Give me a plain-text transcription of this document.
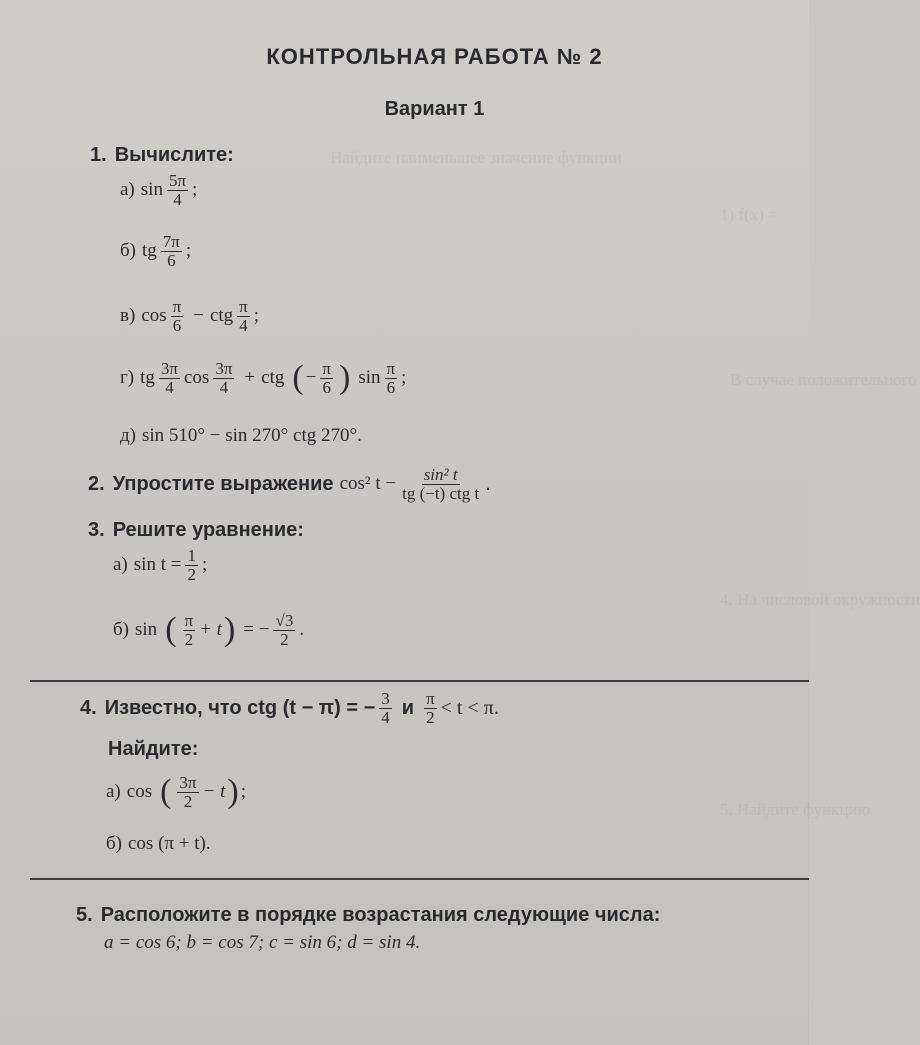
Найдите наименьшее значение функции
1) f(x) =
В случае положительного
4. На числовой окружности
5. Найдите функцию
КОНТРОЛЬНАЯ РАБОТА № 2
Вариант 1
1. Вычислите:
а) $\sin \frac{5\pi}{4}$ ;
б) tg $\frac{7\pi}{6}$ ;
в) $\cos \frac{\pi}{6}$ − ctg $\frac{\pi}{4}$ ;
г) tg $\frac{3\pi}{4}$ $\cos \frac{3\pi}{4}$ + ctg ( − $\frac{\pi}{6}$ ) $\sin \frac{\pi}{6}$ ;
д) sin 510° − sin 270° ctg 270°.
2. Упростите выражение cos² $t - \frac{\text{sin² t}}{\text{tg (−t) ctg t}}$ .
3. Решите уравнение:
а) $\sin t = \frac{1}{2}$ ;
б) sin ( $\frac{\pi}{2} + t$ ) = − $\frac{√3}{2}$ .
4. Известно, что ctg (t − π) = − $\frac{3}{4}$ и $\frac{\pi}{2} < t < \pi$.
Найдите:
а) cos ( $\frac{3\pi}{2} - t$ ) ;
б) cos (π + t).
5. Расположите в порядке возрастания следующие числа:
a = cos 6; b = cos 7; c = sin 6; d = sin 4.
